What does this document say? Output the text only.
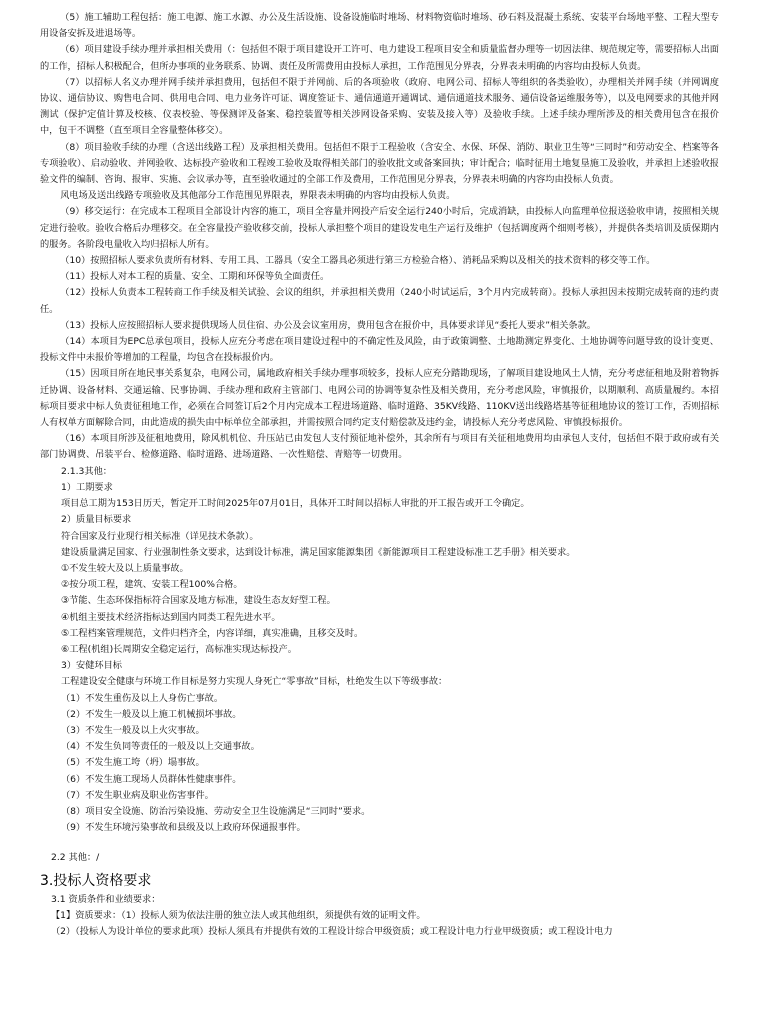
（5）施工辅助工程包括：施工电源、施工水源、办公及生活设施、设备设施临时堆场、材料物资临时堆场、砂石料及混凝土系统、安装平台场地平整、工程大型专用设备安拆及进退场等。

（6）项目建设手续办理并承担相关费用（：包括但不限于项目建设开工许可、电力建设工程项目安全和质量监督办理等一切因法律、规范规定等，需要招标人出面的工作，招标人积极配合，但所办事项的业务联系、协调、责任及所需费用由投标人承担，工作范围见分界表，分界表未明确的内容均由投标人负责。

（7）以招标人名义办理并网手续并承担费用，包括但不限于并网前、后的各项验收（政府、电网公司、招标人等组织的各类验收），办理相关并网手续（并网调度协议、通信协议、购售电合同、供用电合同、电力业务许可证、调度签证卡、通信通道开通调试、通信通道技术服务、通信设备运维服务等），以及电网要求的其他并网测试（保护定值计算及校核、仪表校验、等保测评及备案、稳控装置等相关涉网设备采购、安装及接入等）及验收手续。上述手续办理所涉及的相关费用包含在报价中，包干不调整（直至项目全容量整体移交）。

（8）项目验收手续的办理（含送出线路工程）及承担相关费用。包括但不限于工程验收（含安全、水保、环保、消防、职业卫生等“三同时”和劳动安全、档案等各专项验收）、启动验收、并网验收、达标投产验收和工程竣工验收及取得相关部门的验收批文或备案回执；审计配合；临时征用土地复垦施工及验收，并承担上述验收报验文件的编制、咨询、报审、实施、会议承办等，直至验收通过的全部工作及费用，工作范围见分界表，分界表未明确的内容均由投标人负责。

风电场及送出线路专项验收及其他部分工作范围见界限表，界限表未明确的内容均由投标人负责。

（9）移交运行：在完成本工程项目全部设计内容的施工，项目全容量并网投产后安全运行240小时后，完成消缺，由投标人向监理单位报送验收申请，按照相关规定进行验收。验收合格后办理移交。在全容量投产验收移交前，投标人承担整个项目的建设发电生产运行及维护（包括调度两个细则考核），并提供各类培训及质保期内的服务。各阶段电量收入均归招标人所有。

（10）按照招标人要求负责所有材料、专用工具、工器具（安全工器具必须进行第三方检验合格）、消耗品采购以及相关的技术资料的移交等工作。

（11）投标人对本工程的质量、安全、工期和环保等负全面责任。

（12）投标人负责本工程转商工作手续及相关试验、会议的组织，并承担相关费用（240小时试运后，3个月内完成转商）。投标人承担因未按期完成转商的违约责任。

（13）投标人应按照招标人要求提供现场人员住宿、办公及会议室用房，费用包含在报价中，具体要求详见“委托人要求”相关条款。

（14）本项目为EPC总承包项目，投标人应充分考虑在项目建设过程中的不确定性及风险，由于政策调整、土地勘测定界变化、土地协调等问题导致的设计变更、投标文件中未报价等增加的工程量，均包含在投标报价内。

（15）因项目所在地民事关系复杂，电网公司，属地政府相关手续办理事项较多，投标人应充分踏勘现场，了解项目建设地风土人情，充分考虑征租地及附着物拆迁协调、设备材料、交通运输、民事协调、手续办理和政府主管部门、电网公司的协调等复杂性及相关费用，充分考虑风险，审慎报价，以期顺利、高质量履约。本招标项目要求中标人负责征租地工作，必须在合同签订后2个月内完成本工程进场道路、临时道路、35KV线路、110KV送出线路塔基等征租地协议的签订工作，否则招标人有权单方面解除合同，由此造成的损失由中标单位全部承担，并需按照合同约定支付赔偿款及违约金，请投标人充分考虑风险、审慎投标报价。

（16）本项目所涉及征租地费用，除风机机位、升压站已由发包人支付预征地补偿外，其余所有与项目有关征租地费用均由承包人支付，包括但不限于政府或有关部门协调费、吊装平台、检修道路、临时道路、进场道路、一次性赔偿、青赔等一切费用。

2.1.3其他：

1）工期要求

项目总工期为153日历天，暂定开工时间2025年07月01日，具体开工时间以招标人审批的开工报告或开工令确定。

2）质量目标要求

符合国家及行业现行相关标准（详见技术条款）。

建设质量满足国家、行业强制性条文要求，达到设计标准，满足国家能源集团《新能源项目工程建设标准工艺手册》相关要求。

①不发生较大及以上质量事故。

②按分项工程，建筑、安装工程100%合格。

③节能、生态环保指标符合国家及地方标准，建设生态友好型工程。

④机组主要技术经济指标达到国内同类工程先进水平。

⑤工程档案管理规范，文件归档齐全，内容详细，真实准确，且移交及时。

⑥工程(机组)长周期安全稳定运行，高标准实现达标投产。

3）安健环目标

工程建设安全健康与环境工作目标是努力实现人身死亡“零事故”目标，杜绝发生以下等级事故：

（1）不发生重伤及以上人身伤亡事故。

（2）不发生一般及以上施工机械损坏事故。

（3）不发生一般及以上火灾事故。

（4）不发生负同等责任的一般及以上交通事故。

（5）不发生施工垮（坍）塌事故。

（6）不发生施工现场人员群体性健康事件。

（7）不发生职业病及职业伤害事件。

（8）项目安全设施、防治污染设施、劳动安全卫生设施满足“三同时”要求。

（9）不发生环境污染事故和县级及以上政府环保通报事件。

2.2 其他：/

3.投标人资格要求

3.1 资质条件和业绩要求：

【1】资质要求：（1）投标人须为依法注册的独立法人或其他组织，须提供有效的证明文件。

（2）（投标人为设计单位的要求此项）投标人须具有并提供有效的工程设计综合甲级资质；或工程设计电力行业甲级资质；或工程设计电力
